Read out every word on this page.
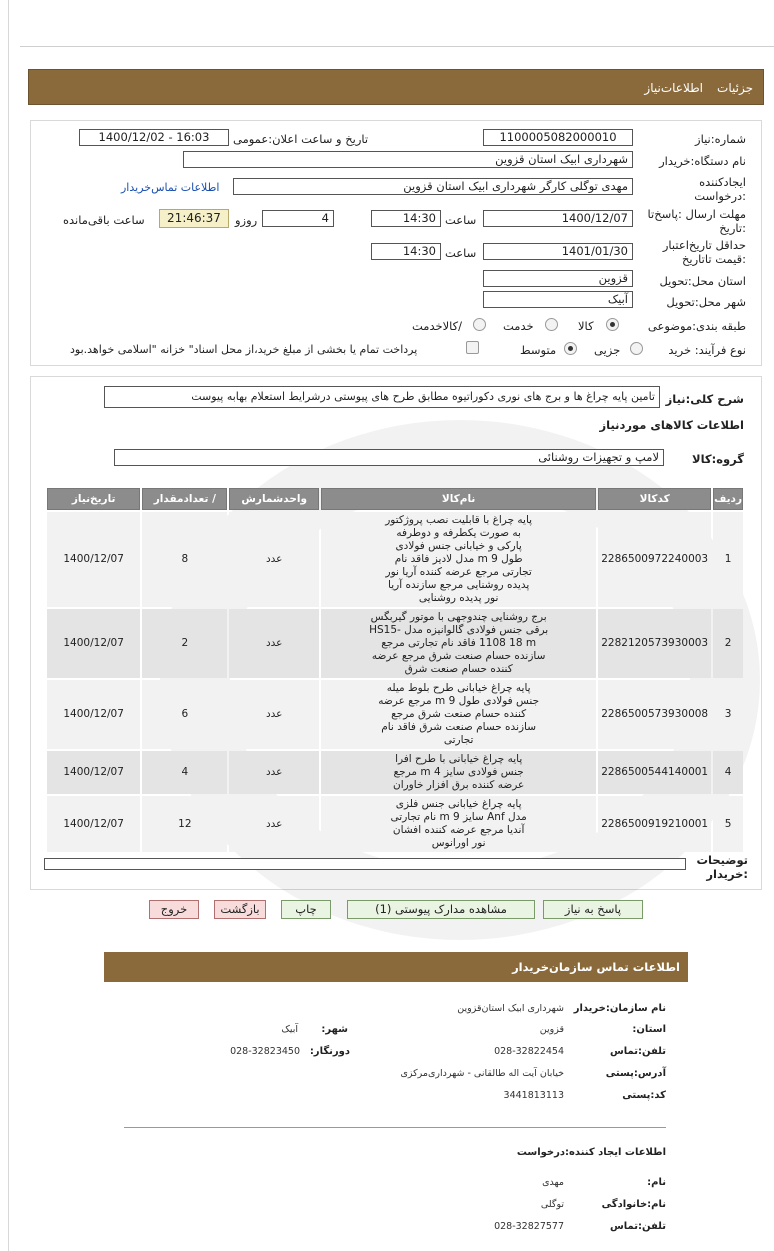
جزئیات
اطلاعات‌نیاز
شماره:نیاز
1100005082000010
تاریخ و ساعت اعلان:عمومی
1400/12/02 - 16:03
نام دستگاه:خریدار
شهرداری ابیک استان قزوین
ایجادکننده
:درخواست
مهدی توگلی کارگر شهرداری ابیک استان قزوین
اطلاعات تماس‌خریدار
مهلت ارسال :پاسخ‌تا
:تاریخ
1400/12/07
ساعت
14:30
4
روزو
21:46:37
ساعت باقی‌مانده
حداقل تاریخ‌اعتبار
:قیمت تا‌تاریخ
1401/01/30
ساعت
14:30
استان محل:تحویل
قزوین
شهر محل:تحویل
آبیک
طبقه بندی:موضوعی
کالا
خدمت
/کالاخدمت
نوع فرآیند: خرید
جزیی
متوسط
پرداخت تمام یا بخشی از مبلغ خرید،از محل اسناد" خزانه "اسلامی خواهد.بود
شرح کلی:نیاز
تامین پایه چراغ ها و برج های نوری دکوراتیوه مطابق طرح های پیوستی درشرایط استعلام بهابه پیوست
اطلاعات کالاهای موردنیاز
گروه:کالا
لامپ و تجهیزات روشنائی
ردیف	کدکالا	نام‌کالا	واحدشمارش	/ تعدادمقدار	تاریخ‌نیاز
1	2286500972240003	پایه چراغ با قابلیت نصب پروژکتور به صورت یکطرفه و دوطرفه پارکی و خیابانی جنس فولادی طول 9 m مدل لادیز فاقد نام تجارتی مرجع عرضه کننده آریا نور پدیده روشنایی مرجع سازنده آریا نور پدیده روشنایی	عدد	8	1400/12/07
2	2282120573930003	برج روشنایی چندوجهی با موتور گیربگس برقی جنس فولادی گالوانیزه مدل HS15-1108 18 m فاقد نام تجارتی مرجع سازنده حسام صنعت شرق مرجع عرضه کننده حسام صنعت شرق	عدد	2	1400/12/07
3	2286500573930008	پایه چراغ خیابانی طرح بلوط میله جنس فولادی طول 9 m مرجع عرضه کننده حسام صنعت شرق مرجع سازنده حسام صنعت شرق فاقد نام تجارتی	عدد	6	1400/12/07
4	2286500544140001	پایه چراغ خیابانی با طرح افرا جنس فولادی سایز 4 m مرجع عرضه کننده برق افزار خاوران	عدد	4	1400/12/07
5	2286500919210001	پایه چراغ خیابانی جنس فلزی مدل Anf سایز 9 m نام تجارتی آندیا مرجع عرضه کننده افشان نور اورانوس	عدد	12	1400/12/07
توضیحات
:خریدار
پاسخ به نیاز
مشاهده مدارک پیوستی (1)
چاپ
بازگشت
خروج
اطلاعات تماس سازمان‌خریدار
نام سازمان:خریدار
شهرداری ابیک استان‌قزوین
استان:
قزوین
شهر:
آبیک
تلفن:تماس
028-32822454
دورنگار:
028-32823450
آدرس:پستی
خیابان آیت اله طالقانی - شهرداری‌مرکزی
کد:پستی
3441813113
اطلاعات ایجاد کننده:درخواست
نام:
مهدی
نام:خانوادگی
توگلی
تلفن:تماس
028-32827577
